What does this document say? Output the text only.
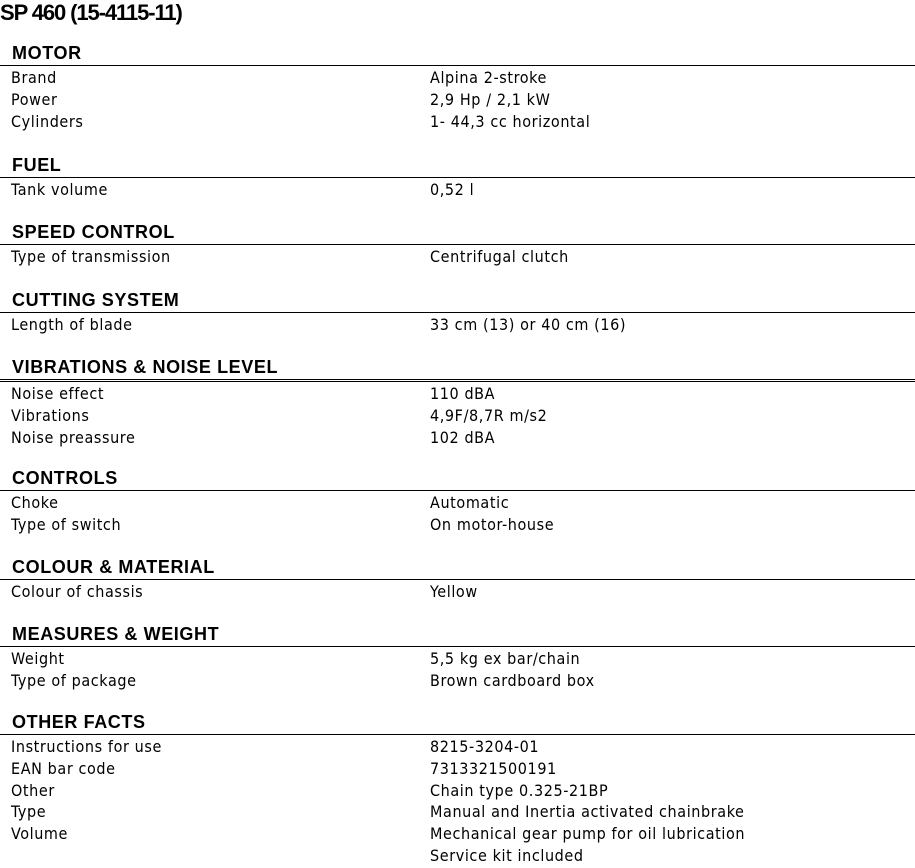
SP 460 (15-4115-11)
MOTOR
Brand	Alpina 2-stroke
Power	2,9 Hp / 2,1 kW
Cylinders	1- 44,3 cc horizontal
FUEL
Tank volume	0,52 l
SPEED CONTROL
Type of transmission	Centrifugal clutch
CUTTING SYSTEM
Length of blade	33 cm (13) or 40 cm (16)
VIBRATIONS & NOISE LEVEL
Noise effect	110 dBA
Vibrations	4,9F/8,7R m/s2
Noise preassure	102 dBA
CONTROLS
Choke	Automatic
Type of switch	On motor-house
COLOUR & MATERIAL
Colour of chassis	Yellow
MEASURES & WEIGHT
Weight	5,5 kg ex bar/chain
Type of package	Brown cardboard box
OTHER FACTS
Instructions for use	8215-3204-01
EAN bar code	7313321500191
Other	Chain type 0.325-21BP
Type	Manual and Inertia activated chainbrake
Volume	Mechanical gear pump for oil lubrication
Service kit included
